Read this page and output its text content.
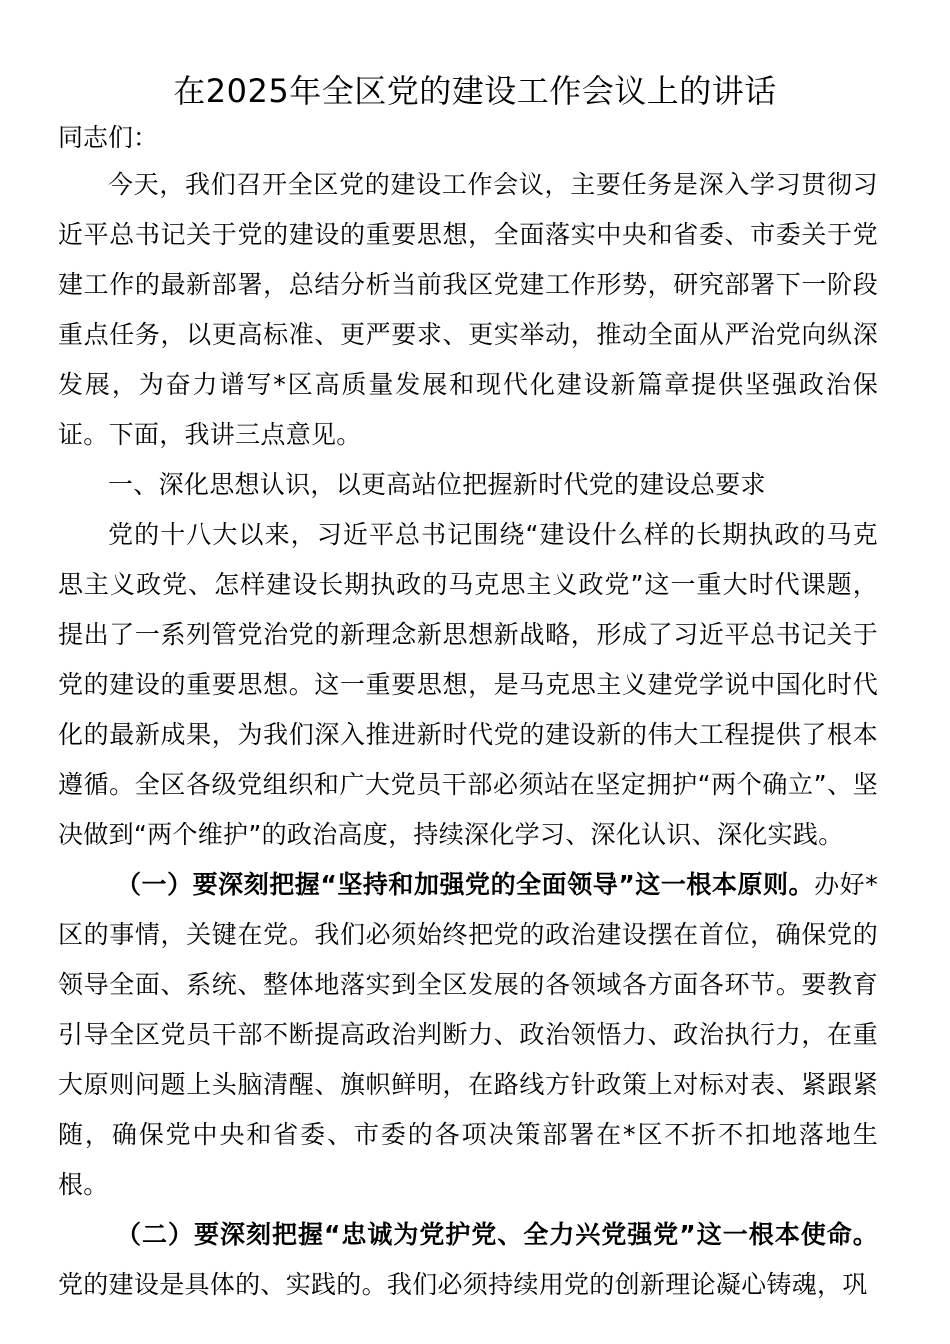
在2025年全区党的建设工作会议上的讲话

同志们：

今天，我们召开全区党的建设工作会议，主要任务是深入学习贯彻习近平总书记关于党的建设的重要思想，全面落实中央和省委、市委关于党建工作的最新部署，总结分析当前我区党建工作形势，研究部署下一阶段重点任务，以更高标准、更严要求、更实举动，推动全面从严治党向纵深发展，为奋力谱写*区高质量发展和现代化建设新篇章提供坚强政治保证。下面，我讲三点意见。

一、深化思想认识，以更高站位把握新时代党的建设总要求

党的十八大以来，习近平总书记围绕“建设什么样的长期执政的马克思主义政党、怎样建设长期执政的马克思主义政党”这一重大时代课题，提出了一系列管党治党的新理念新思想新战略，形成了习近平总书记关于党的建设的重要思想。这一重要思想，是马克思主义建党学说中国化时代化的最新成果，为我们深入推进新时代党的建设新的伟大工程提供了根本遵循。全区各级党组织和广大党员干部必须站在坚定拥护“两个确立”、坚决做到“两个维护”的政治高度，持续深化学习、深化认识、深化实践。

（一）要深刻把握“坚持和加强党的全面领导”这一根本原则。办好*区的事情，关键在党。我们必须始终把党的政治建设摆在首位，确保党的领导全面、系统、整体地落实到全区发展的各领域各方面各环节。要教育引导全区党员干部不断提高政治判断力、政治领悟力、政治执行力，在重大原则问题上头脑清醒、旗帜鲜明，在路线方针政策上对标对表、紧跟紧随，确保党中央和省委、市委的各项决策部署在*区不折不扣地落地生根。

（二）要深刻把握“忠诚为党护党、全力兴党强党”这一根本使命。党的建设是具体的、实践的。我们必须持续用党的创新理论凝心铸魂，巩
